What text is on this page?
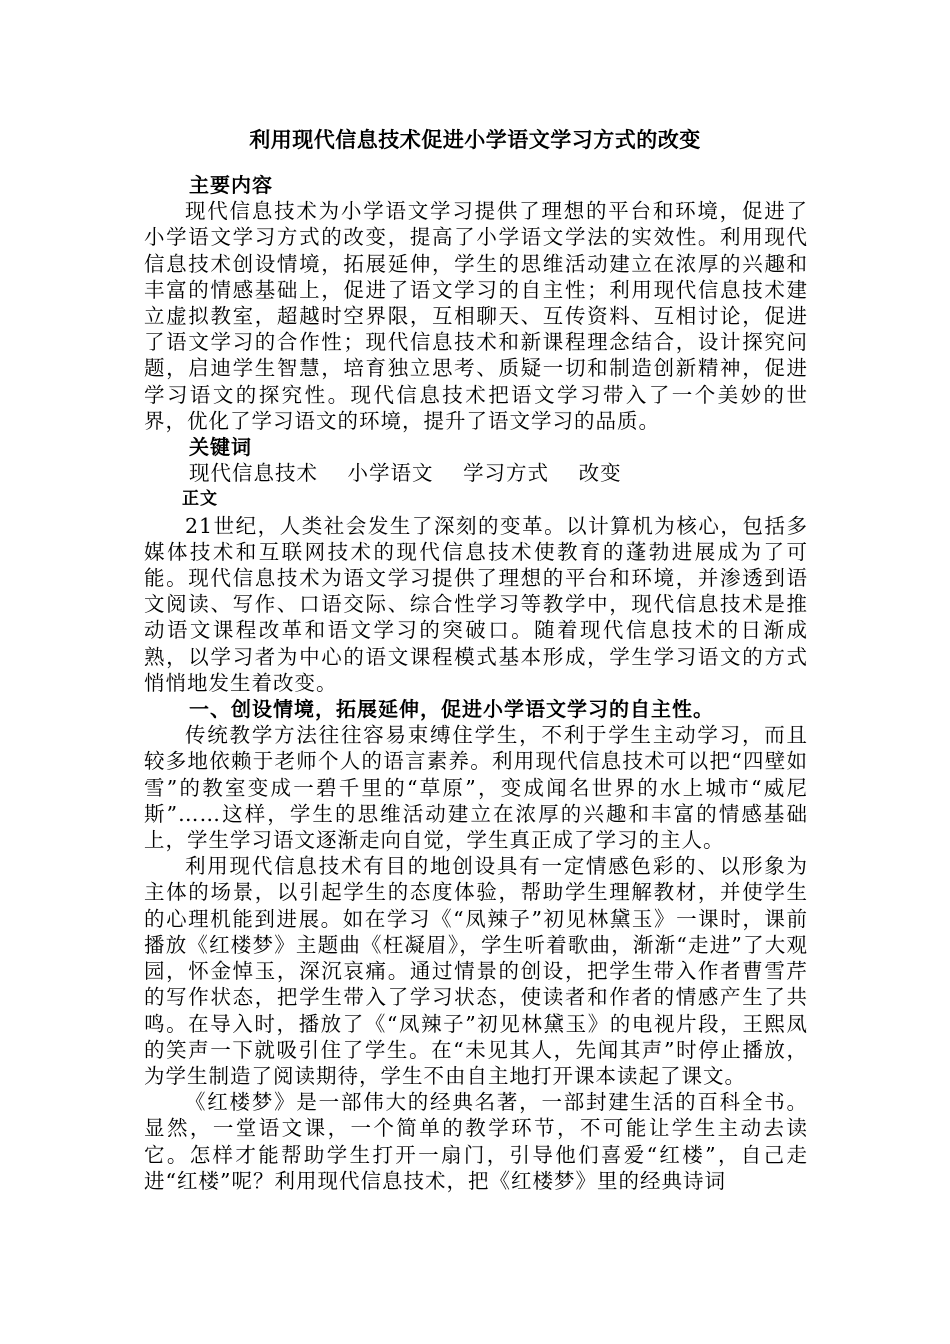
利用现代信息技术促进小学语文学习方式的改变
主要内容

现代信息技术为小学语文学习提供了理想的平台和环境，促进了小学语文学习方式的改变，提高了小学语文学法的实效性。利用现代信息技术创设情境，拓展延伸，学生的思维活动建立在浓厚的兴趣和丰富的情感基础上，促进了语文学习的自主性；利用现代信息技术建立虚拟教室，超越时空界限，互相聊天、互传资料、互相讨论，促进了语文学习的合作性；现代信息技术和新课程理念结合，设计探究问题，启迪学生智慧，培育独立思考、质疑一切和制造创新精神，促进学习语文的探究性。现代信息技术把语文学习带入了一个美妙的世界，优化了学习语文的环境，提升了语文学习的品质。

关键词
现代信息技术 小学语文 学习方式 改变
正文

21世纪，人类社会发生了深刻的变革。以计算机为核心，包括多媒体技术和互联网技术的现代信息技术使教育的蓬勃进展成为了可能。现代信息技术为语文学习提供了理想的平台和环境，并渗透到语文阅读、写作、口语交际、综合性学习等教学中，现代信息技术是推动语文课程改革和语文学习的突破口。随着现代信息技术的日渐成熟，以学习者为中心的语文课程模式基本形成，学生学习语文的方式悄悄地发生着改变。

一、创设情境，拓展延伸，促进小学语文学习的自主性。

传统教学方法往往容易束缚住学生，不利于学生主动学习，而且较多地依赖于老师个人的语言素养。利用现代信息技术可以把“四壁如雪”的教室变成一碧千里的“草原”，变成闻名世界的水上城市“威尼斯”……这样，学生的思维活动建立在浓厚的兴趣和丰富的情感基础上，学生学习语文逐渐走向自觉，学生真正成了学习的主人。

利用现代信息技术有目的地创设具有一定情感色彩的、以形象为主体的场景，以引起学生的态度体验，帮助学生理解教材，并使学生的心理机能到进展。如在学习《“凤辣子”初见林黛玉》一课时，课前播放《红楼梦》主题曲《枉凝眉》，学生听着歌曲，渐渐“走进”了大观园，怀金悼玉，深沉哀痛。通过情景的创设，把学生带入作者曹雪芹的写作状态，把学生带入了学习状态，使读者和作者的情感产生了共鸣。在导入时，播放了《“凤辣子”初见林黛玉》的电视片段，王熙凤的笑声一下就吸引住了学生。在“未见其人，先闻其声”时停止播放，为学生制造了阅读期待，学生不由自主地打开课本读起了课文。

《红楼梦》是一部伟大的经典名著，一部封建生活的百科全书。显然，一堂语文课，一个简单的教学环节，不可能让学生主动去读它。怎样才能帮助学生打开一扇门，引导他们喜爱“红楼”，自己走进“红楼”呢？利用现代信息技术，把《红楼梦》里的经典诗词
